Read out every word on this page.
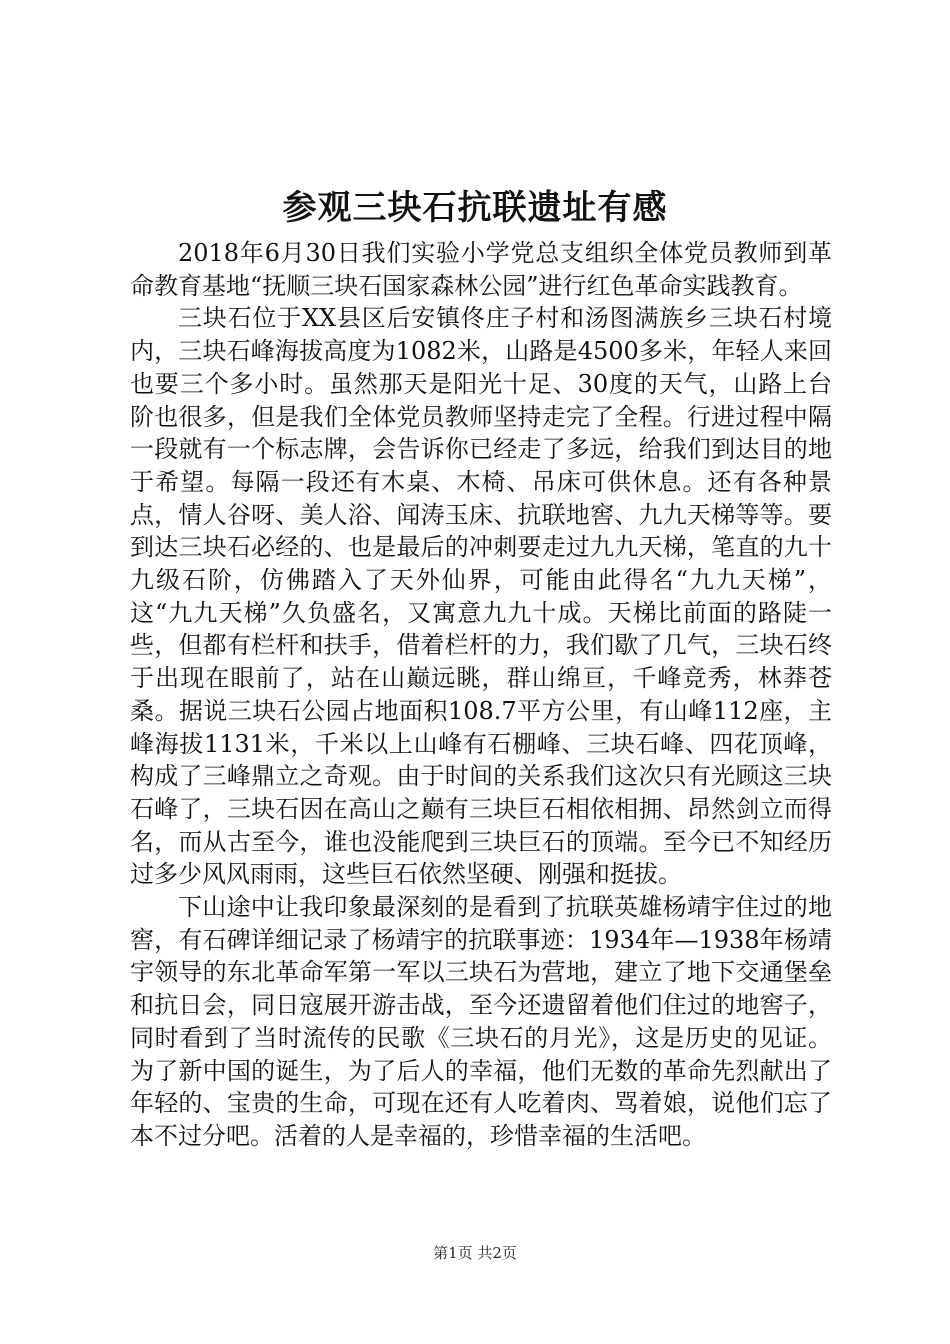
参观三块石抗联遗址有感

2018年6月30日我们实验小学党总支组织全体党员教师到革命教育基地“抚顺三块石国家森林公园”进行红色革命实践教育。

三块石位于XX县区后安镇佟庄子村和汤图满族乡三块石村境内，三块石峰海拔高度为1082米，山路是4500多米，年轻人来回也要三个多小时。虽然那天是阳光十足、30度的天气，山路上台阶也很多，但是我们全体党员教师坚持走完了全程。行进过程中隔一段就有一个标志牌，会告诉你已经走了多远，给我们到达目的地于希望。每隔一段还有木桌、木椅、吊床可供休息。还有各种景点，情人谷呀、美人浴、闻涛玉床、抗联地窖、九九天梯等等。要到达三块石必经的、也是最后的冲刺要走过九九天梯，笔直的九十九级石阶，仿佛踏入了天外仙界，可能由此得名“九九天梯”，这“九九天梯”久负盛名，又寓意九九十成。天梯比前面的路陡一些，但都有栏杆和扶手，借着栏杆的力，我们歇了几气，三块石终于出现在眼前了，站在山巅远眺，群山绵亘，千峰竞秀，林莽苍桑。据说三块石公园占地面积108.7平方公里，有山峰112座，主峰海拔1131米，千米以上山峰有石棚峰、三块石峰、四花顶峰，构成了三峰鼎立之奇观。由于时间的关系我们这次只有光顾这三块石峰了，三块石因在高山之巅有三块巨石相依相拥、昂然剑立而得名，而从古至今，谁也没能爬到三块巨石的顶端。至今已不知经历过多少风风雨雨，这些巨石依然坚硬、刚强和挺拔。

下山途中让我印象最深刻的是看到了抗联英雄杨靖宇住过的地窖，有石碑详细记录了杨靖宇的抗联事迹：1934年—1938年杨靖宇领导的东北革命军第一军以三块石为营地，建立了地下交通堡垒和抗日会，同日寇展开游击战，至今还遗留着他们住过的地窖子，同时看到了当时流传的民歌《三块石的月光》，这是历史的见证。为了新中国的诞生，为了后人的幸福，他们无数的革命先烈献出了年轻的、宝贵的生命，可现在还有人吃着肉、骂着娘，说他们忘了本不过分吧。活着的人是幸福的，珍惜幸福的生活吧。

第1页 共2页
